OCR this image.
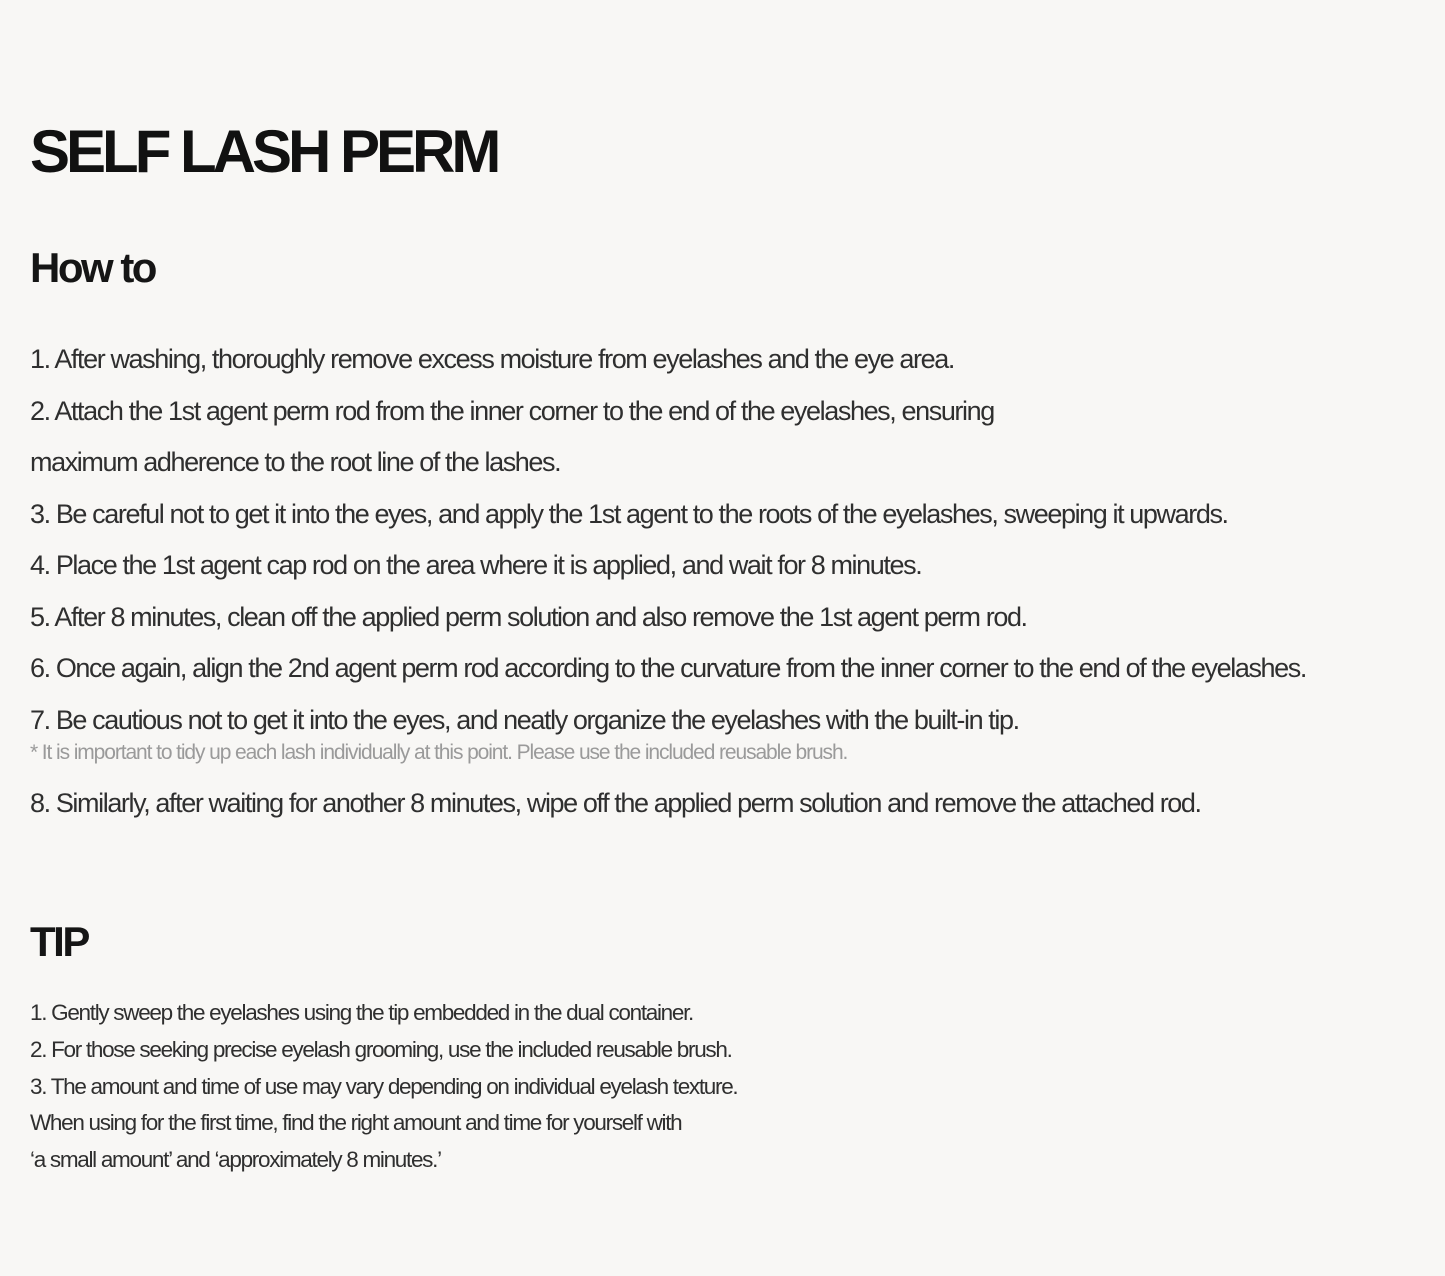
SELF LASH PERM
How to
1. After washing, thoroughly remove excess moisture from eyelashes and the eye area.
2. Attach the 1st agent perm rod from the inner corner to the end of the eyelashes, ensuring
maximum adherence to the root line of the lashes.
3. Be careful not to get it into the eyes, and apply the 1st agent to the roots of the eyelashes, sweeping it upwards.
4. Place the 1st agent cap rod on the area where it is applied, and wait for 8 minutes.
5. After 8 minutes, clean off the applied perm solution and also remove the 1st agent perm rod.
6. Once again, align the 2nd agent perm rod according to the curvature from the inner corner to the end of the eyelashes.
7. Be cautious not to get it into the eyes, and neatly organize the eyelashes with the built-in tip.
* It is important to tidy up each lash individually at this point. Please use the included reusable brush.
8. Similarly, after waiting for another 8 minutes, wipe off the applied perm solution and remove the attached rod.
TIP
1. Gently sweep the eyelashes using the tip embedded in the dual container.
2. For those seeking precise eyelash grooming, use the included reusable brush.
3. The amount and time of use may vary depending on individual eyelash texture.
When using for the first time, find the right amount and time for yourself with
‘a small amount’ and ‘approximately 8 minutes.’
